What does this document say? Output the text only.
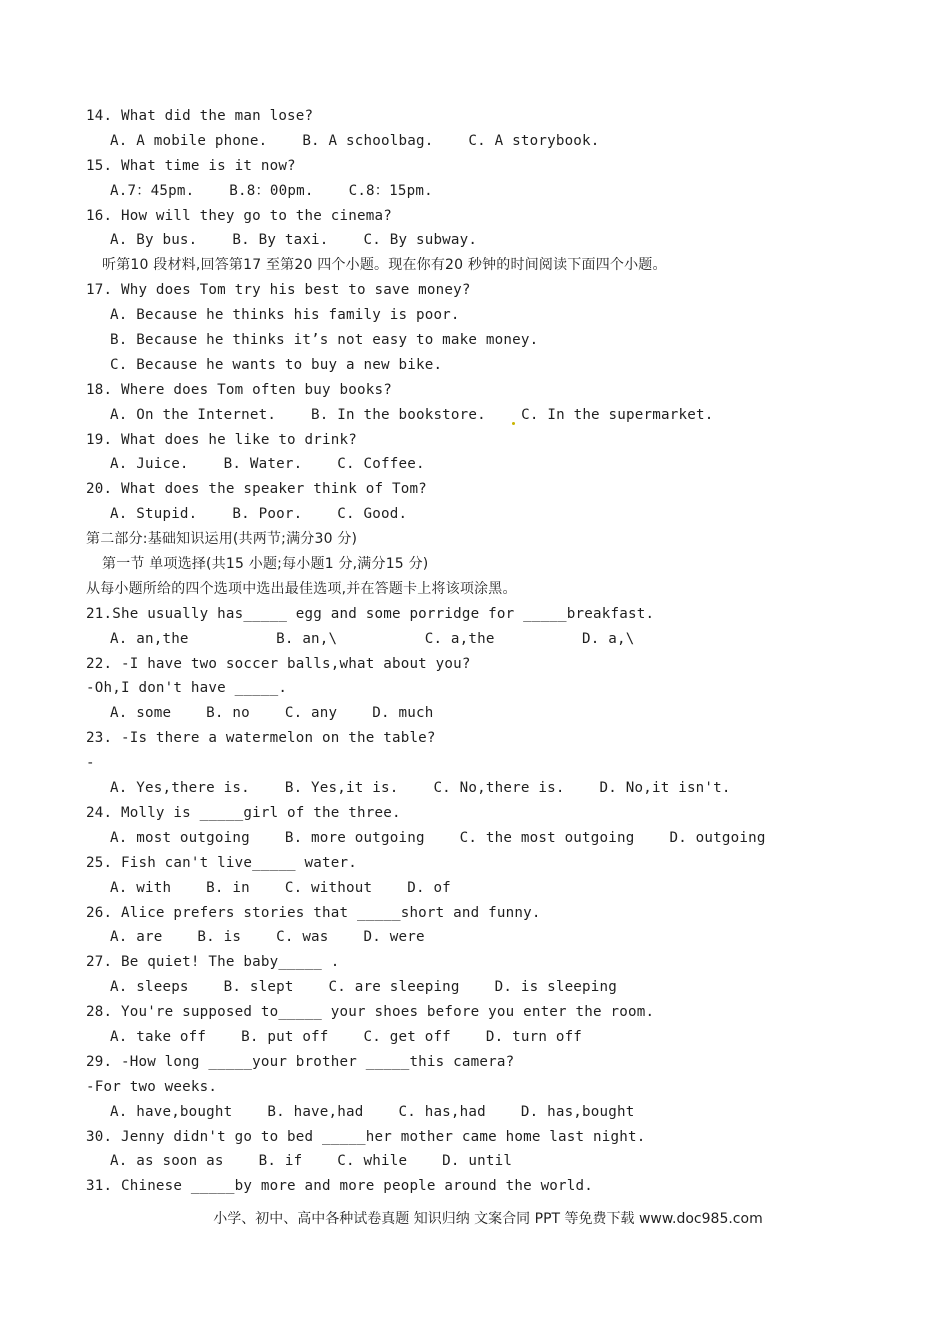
14. What did the man lose?
A. A mobile phone.    B. A schoolbag.    C. A storybook.
15. What time is it now?
A.7：45pm.    B.8：00pm.    C.8：15pm.
16. How will they go to the cinema?
A. By bus.    B. By taxi.    C. By subway.
听第10 段材料,回答第17 至第20 四个小题。现在你有20 秒钟的时间阅读下面四个小题。
17. Why does Tom try his best to save money?
A. Because he thinks his family is poor.
B. Because he thinks it’s not easy to make money.
C. Because he wants to buy a new bike.
18. Where does Tom often buy books?
A. On the Internet.    B. In the bookstore.   C. In the supermarket.
19. What does he like to drink?
A. Juice.    B. Water.    C. Coffee.
20. What does the speaker think of Tom?
A. Stupid.    B. Poor.    C. Good.
第二部分:基础知识运用(共两节;满分30 分)
第一节 单项选择(共15 小题;每小题1 分,满分15 分)
从每小题所给的四个选项中选出最佳选项,并在答题卡上将该项涂黑。
21.She usually has_____ egg and some porridge for _____breakfast.
A. an,the          B. an,\          C. a,the          D. a,\
22. -I have two soccer balls,what about you?
-Oh,I don't have _____.
A. some    B. no    C. any    D. much
23. -Is there a watermelon on the table?
-
A. Yes,there is.    B. Yes,it is.    C. No,there is.    D. No,it isn't.
24. Molly is _____girl of the three.
A. most outgoing    B. more outgoing    C. the most outgoing    D. outgoing
25. Fish can't live_____ water.
A. with    B. in    C. without    D. of
26. Alice prefers stories that _____short and funny.
A. are    B. is    C. was    D. were
27. Be quiet! The baby_____ .
A. sleeps    B. slept    C. are sleeping    D. is sleeping
28. You're supposed to_____ your shoes before you enter the room.
A. take off    B. put off    C. get off    D. turn off
29. -How long _____your brother _____this camera?
-For two weeks.
A. have,bought    B. have,had    C. has,had    D. has,bought
30. Jenny didn't go to bed _____her mother came home last night.
A. as soon as    B. if    C. while    D. until
31. Chinese _____by more and more people around the world.
小学、初中、高中各种试卷真题 知识归纳 文案合同 PPT 等免费下载 www.doc985.com
